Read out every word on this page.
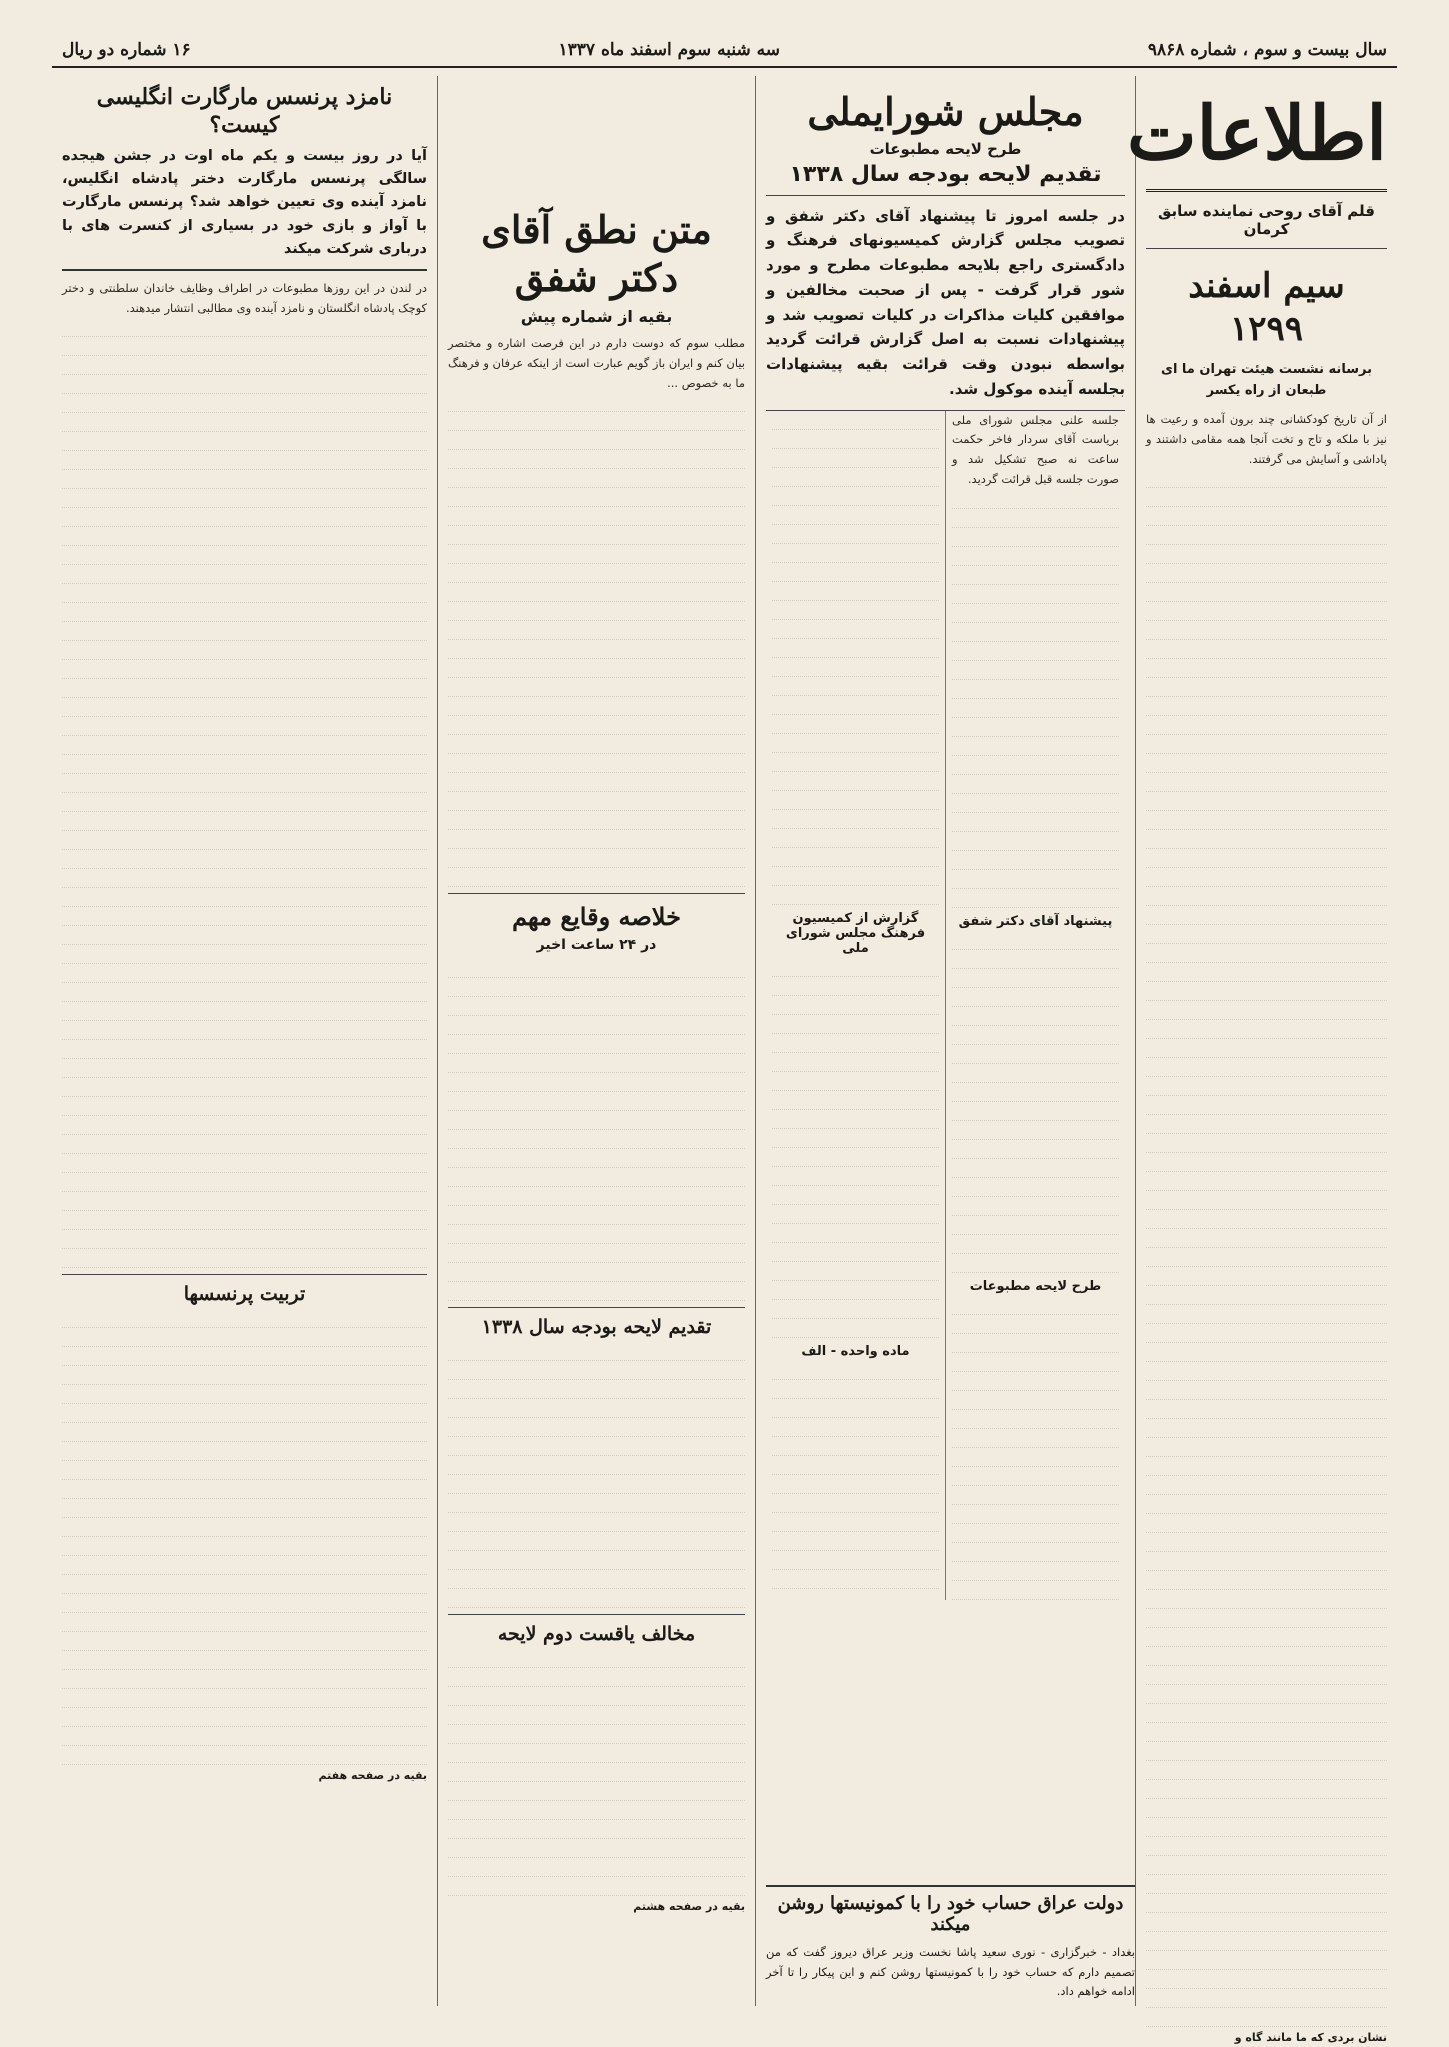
سال بیست و سوم ، شماره ۹۸۶۸
سه شنبه سوم اسفند ماه ۱۳۳۷
۱۶ شماره دو ریال
اطلاعات
قلم آقای روحی نماینده سابق کرمان
سیم اسفند ۱۲۹۹
برسانه نشست هیئت تهران ما ای طبعان از راه یکسر
از آن تاریخ کودکشانی چند برون آمده و رعیت ها نیز با ملکه و تاج و تخت آنجا همه مقامی داشتند و پاداشی و آسایش می گرفتند.
نشان بردی که ما مانند گاه و
مجلس شورایملی
طرح لایحه مطبوعات
تقدیم لایحه بودجه سال ۱۳۳۸
در جلسه امروز تا پیشنهاد آقای دکتر شفق و تصویب مجلس گزارش کمیسیونهای فرهنگ و دادگستری راجع بلایحه مطبوعات مطرح و مورد شور قرار گرفت - پس از صحبت مخالفین و موافقین کلیات مذاکرات در کلیات تصویب شد و پیشنهادات نسبت به اصل گزارش قرائت گردید بواسطه نبودن وقت قرائت بقیه پیشنهادات بجلسه آینده موکول شد.
جلسه علنی مجلس شورای ملی بریاست آقای سردار فاخر حکمت ساعت نه صبح تشکیل شد و صورت جلسه قبل قرائت گردید.
پیشنهاد آقای دکتر شفق
طرح لایحه مطبوعات
گزارش از کمیسیون فرهنگ مجلس شورای ملی
ماده واحده - الف
دولت عراق حساب خود را با کمونیستها روشن میکند
بغداد - خبرگزاری - نوری سعید پاشا نخست وزیر عراق دیروز گفت که من تصمیم دارم که حساب خود را با کمونیستها روشن کنم و این پیکار را تا آخر ادامه خواهم داد.
متن نطق آقای دکتر شفق
بقیه از شماره پیش
مطلب سوم که دوست دارم در این فرصت اشاره و مختصر بیان کنم و ایران باز گویم عبارت است از اینکه عرفان و فرهنگ ما به خصوص ...
خلاصه وقایع مهم
در ۲۴ ساعت اخیر
تقدیم لایحه بودجه سال ۱۳۳۸
مخالف یاقست دوم لایحه
بقیه در صفحه هشتم
نامزد پرنسس مارگارت انگلیسی کیست؟
آیا در روز بیست و یکم ماه اوت در جشن هیجده سالگی پرنسس مارگارت دختر پادشاه انگلیس، نامزد آینده وی تعیین خواهد شد؟ پرنسس مارگارت با آواز و بازی خود در بسیاری از کنسرت های با درباری شرکت میکند
در لندن در این روزها مطبوعات در اطراف وظایف خاندان سلطنتی و دختر کوچک پادشاه انگلستان و نامزد آینده وی مطالبی انتشار میدهند.
تربیت پرنسسها
بقیه در صفحه هفتم
